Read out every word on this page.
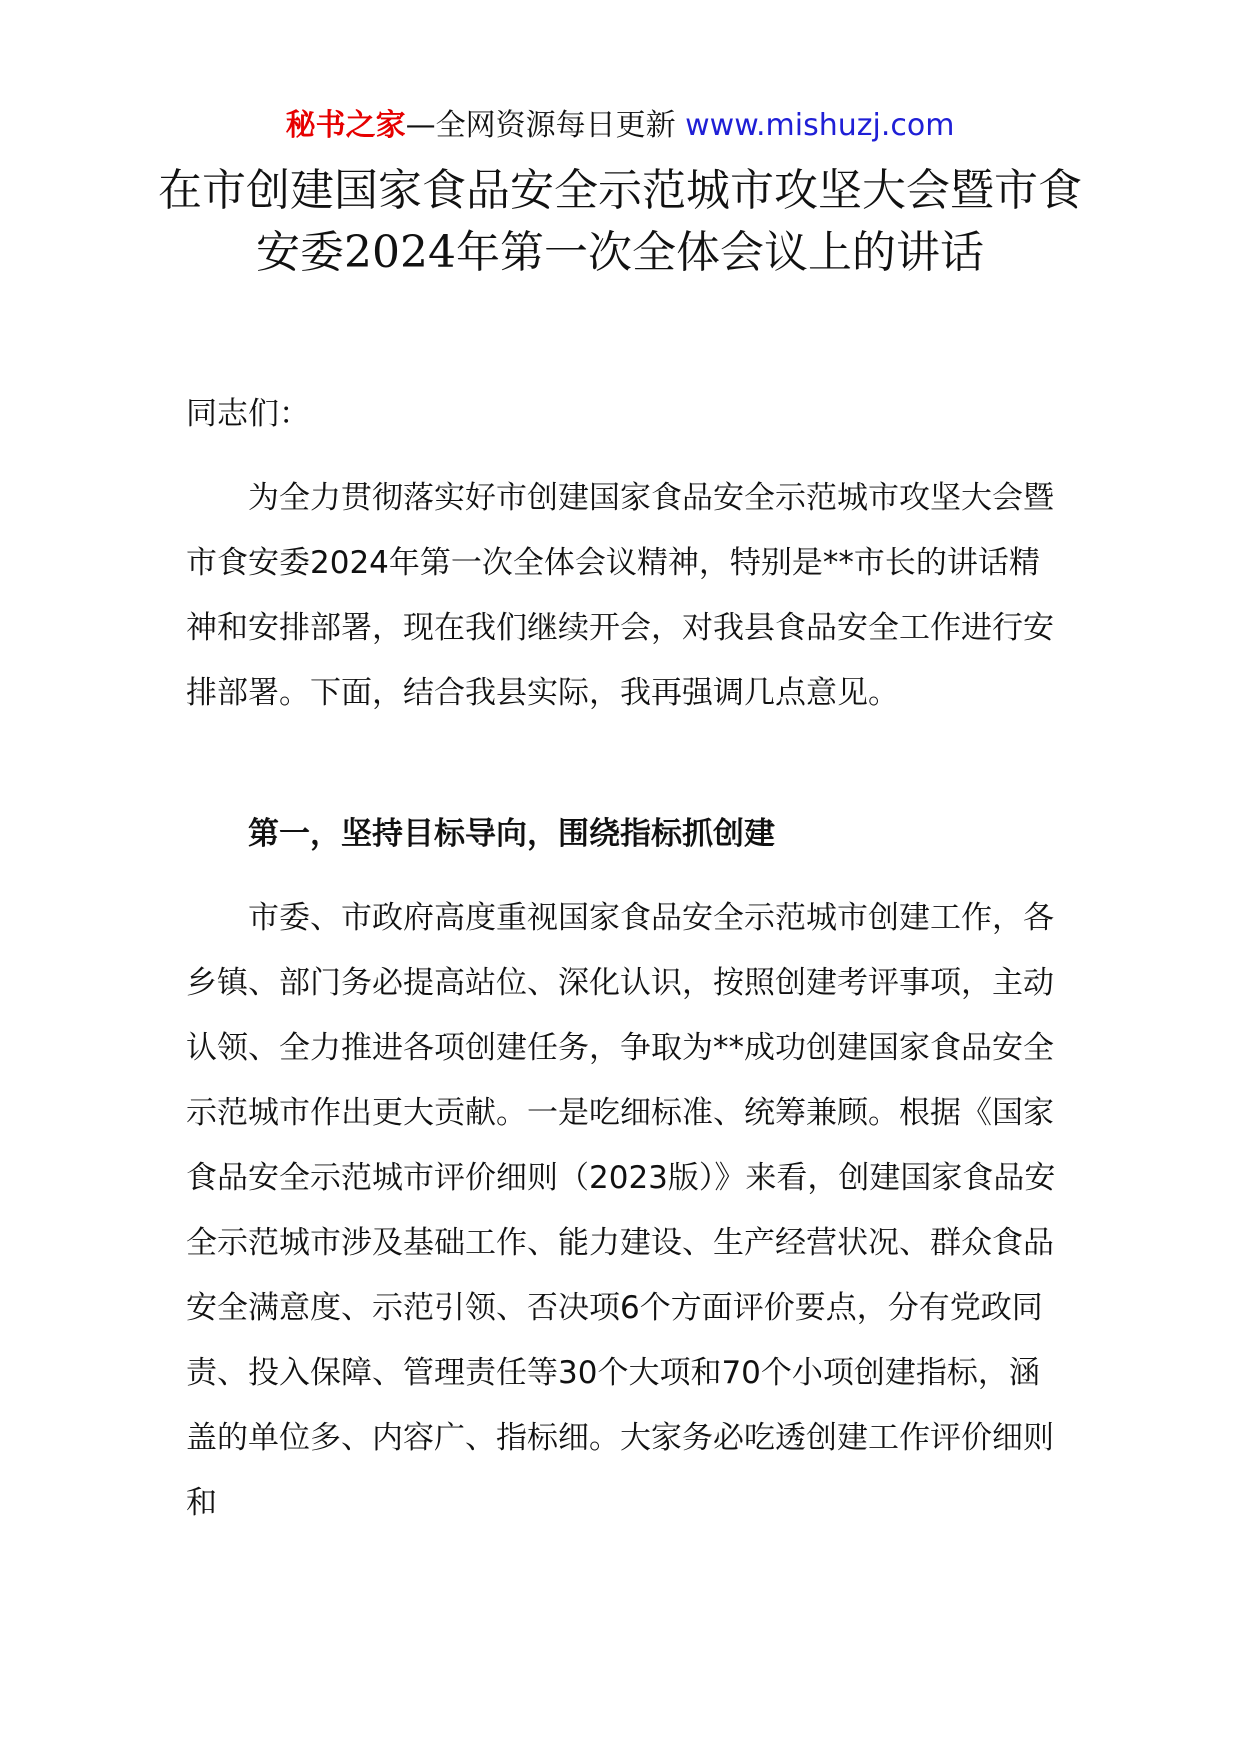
秘书之家—全网资源每日更新 www.mishuzj.com
在市创建国家食品安全示范城市攻坚大会暨市食安委2024年第一次全体会议上的讲话
同志们：
为全力贯彻落实好市创建国家食品安全示范城市攻坚大会暨市食安委2024年第一次全体会议精神，特别是**市长的讲话精神和安排部署，现在我们继续开会，对我县食品安全工作进行安排部署。下面，结合我县实际，我再强调几点意见。
第一，坚持目标导向，围绕指标抓创建
市委、市政府高度重视国家食品安全示范城市创建工作，各乡镇、部门务必提高站位、深化认识，按照创建考评事项，主动认领、全力推进各项创建任务，争取为**成功创建国家食品安全示范城市作出更大贡献。一是吃细标准、统筹兼顾。根据《国家食品安全示范城市评价细则（2023版）》来看，创建国家食品安全示范城市涉及基础工作、能力建设、生产经营状况、群众食品安全满意度、示范引领、否决项6个方面评价要点，分有党政同责、投入保障、管理责任等30个大项和70个小项创建指标，涵盖的单位多、内容广、指标细。大家务必吃透创建工作评价细则和
